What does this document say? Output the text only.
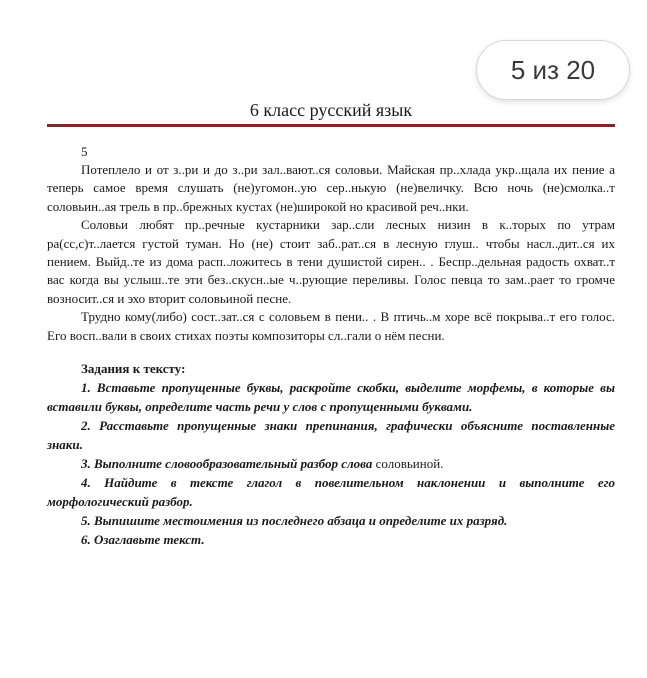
5 из 20
6 класс русский язык
5

Потеплело и от з..ри и до з..ри зал..вают..ся соловьи. Майская пр..хлада укр..щала их пение а теперь самое время слушать (не)угомон..ую сер..нькую (не)величку. Всю ночь (не)смолка..т соловьин..ая трель в пр..брежных кустах (не)широкой но красивой реч..нки.

Соловьи любят пр..речные кустарники зар..сли лесных низин в к..торых по утрам ра(сс,с)т..лается густой туман. Но (не) стоит заб..рат..ся в лесную глуш.. чтобы насл..дит..ся их пением. Выйд..те из дома расп..ложитесь в тени душистой сирен.. . Беспр..дельная радость охват..т вас когда вы услыш..те эти без..скусн..ые ч..рующие переливы. Голос певца то зам..рает то громче возносит..ся и эхо вторит соловьиной песне.

Трудно кому(либо) сост..зат..ся с соловьем в пени.. . В птичь..м хоре всё покрыва..т его голос. Его восп..вали в своих стихах поэты композиторы сл..гали о нём песни.

Задания к тексту:

1. Вставьте пропущенные буквы, раскройте скобки, выделите морфемы, в которые вы вставили буквы, определите часть речи у слов с пропущенными буквами.

2. Расставьте пропущенные знаки препинания, графически объясните поставленные знаки.

3. Выполните словообразовательный разбор слова соловьиной.

4. Найдите в тексте глагол в повелительном наклонении и выполните его морфологический разбор.

5. Выпишите местоимения из последнего абзаца и определите их разряд.

6. Озаглавьте текст.
